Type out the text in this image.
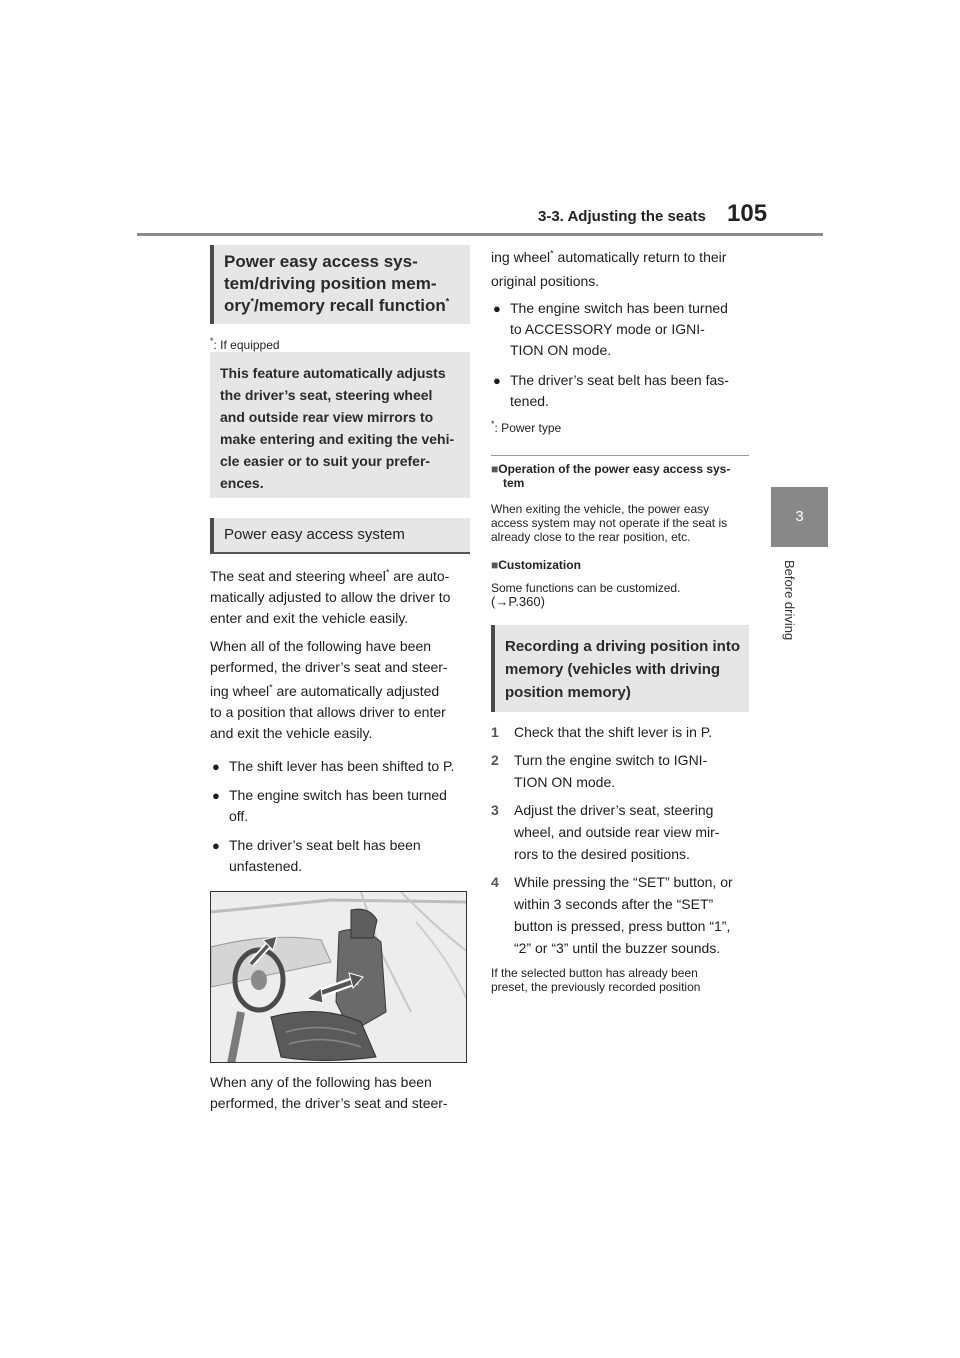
3-3. Adjusting the seats 105
3
Before driving
Power easy access sys-
tem/driving position mem-
ory*/memory recall function*
*: If equipped
This feature automatically adjusts
the driver’s seat, steering wheel
and outside rear view mirrors to
make entering and exiting the vehi-
cle easier or to suit your prefer-
ences.
Power easy access system
The seat and steering wheel* are auto-
matically adjusted to allow the driver to
enter and exit the vehicle easily.
When all of the following have been
performed, the driver’s seat and steer-
ing wheel* are automatically adjusted
to a position that allows driver to enter
and exit the vehicle easily.
● The shift lever has been shifted to P.
● The engine switch has been turned
off.
● The driver’s seat belt has been
unfastened.
When any of the following has been
performed, the driver’s seat and steer-
ing wheel* automatically return to their
original positions.
● The engine switch has been turned
to ACCESSORY mode or IGNI-
TION ON mode.
● The driver’s seat belt has been fas-
tened.
*: Power type
■Operation of the power easy access sys-
tem
When exiting the vehicle, the power easy
access system may not operate if the seat is
already close to the rear position, etc.
■Customization
Some functions can be customized.
(→P.360)
Recording a driving position into
memory (vehicles with driving
position memory)
1 Check that the shift lever is in P.
2 Turn the engine switch to IGNI-
TION ON mode.
3 Adjust the driver’s seat, steering
wheel, and outside rear view mir-
rors to the desired positions.
4 While pressing the “SET” button, or
within 3 seconds after the “SET”
button is pressed, press button “1”,
“2” or “3” until the buzzer sounds.
If the selected button has already been
preset, the previously recorded position
